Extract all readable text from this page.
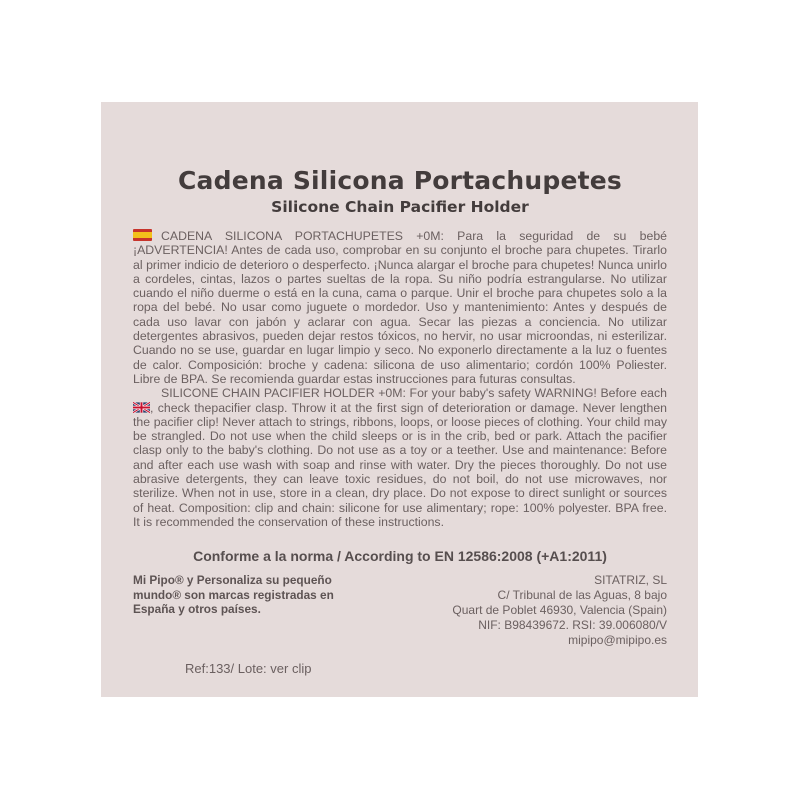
Cadena Silicona Portachupetes
Silicone Chain Pacifier Holder

CADENA SILICONA PORTACHUPETES +0M: Para la seguridad de su bebé ¡ADVERTENCIA! Antes de cada uso, comprobar en su conjunto el broche para chupetes. Tirarlo al primer indicio de deterioro o desperfecto. ¡Nunca alargar el broche para chupetes! Nunca unirlo a cordeles, cintas, lazos o partes sueltas de la ropa. Su niño podría estrangularse. No utilizar cuando el niño duerme o está en la cuna, cama o parque. Unir el broche para chupetes solo a la ropa del bebé. No usar como juguete o mordedor. Uso y mantenimiento: Antes y después de cada uso lavar con jabón y aclarar con agua. Secar las piezas a conciencia. No utilizar detergentes abrasivos, pueden dejar restos tóxicos, no hervir, no usar microondas, ni esterilizar. Cuando no se use, guardar en lugar limpio y seco. No exponerlo directamente a la luz o fuentes de calor. Composición: broche y cadena: silicona de uso alimentario; cordón 100% Poliester. Libre de BPA. Se recomienda guardar estas instrucciones para futuras consultas.

SILICONE CHAIN PACIFIER HOLDER +0M: For your baby's safety WARNING! Before each
, check thepacifier clasp. Throw it at the first sign of deterioration or damage. Never lengthen the pacifier clip! Never attach to strings, ribbons, loops, or loose pieces of clothing. Your child may be strangled. Do not use when the child sleeps or is in the crib, bed or park. Attach the pacifier clasp only to the baby's clothing. Do not use as a toy or a teether. Use and maintenance: Before and after each use wash with soap and rinse with water. Dry the pieces thoroughly. Do not use abrasive detergents, they can leave toxic residues, do not boil, do not use microwaves, nor sterilize. When not in use, store in a clean, dry place. Do not expose to direct sunlight or sources of heat. Composition: clip and chain: silicone for use alimentary; rope: 100% polyester. BPA free. It is recommended the conservation of these instructions.

Conforme a la norma / According to EN 12586:2008 (+A1:2011)
Mi Pipo® y Personaliza su pequeño mundo® son marcas registradas en España y otros países.
SITATRIZ, SL
C/ Tribunal de las Aguas, 8 bajo
Quart de Poblet 46930, Valencia (Spain)
NIF: B98439672. RSI: 39.006080/V
mipipo@mipipo.es
Ref:133/ Lote: ver clip
